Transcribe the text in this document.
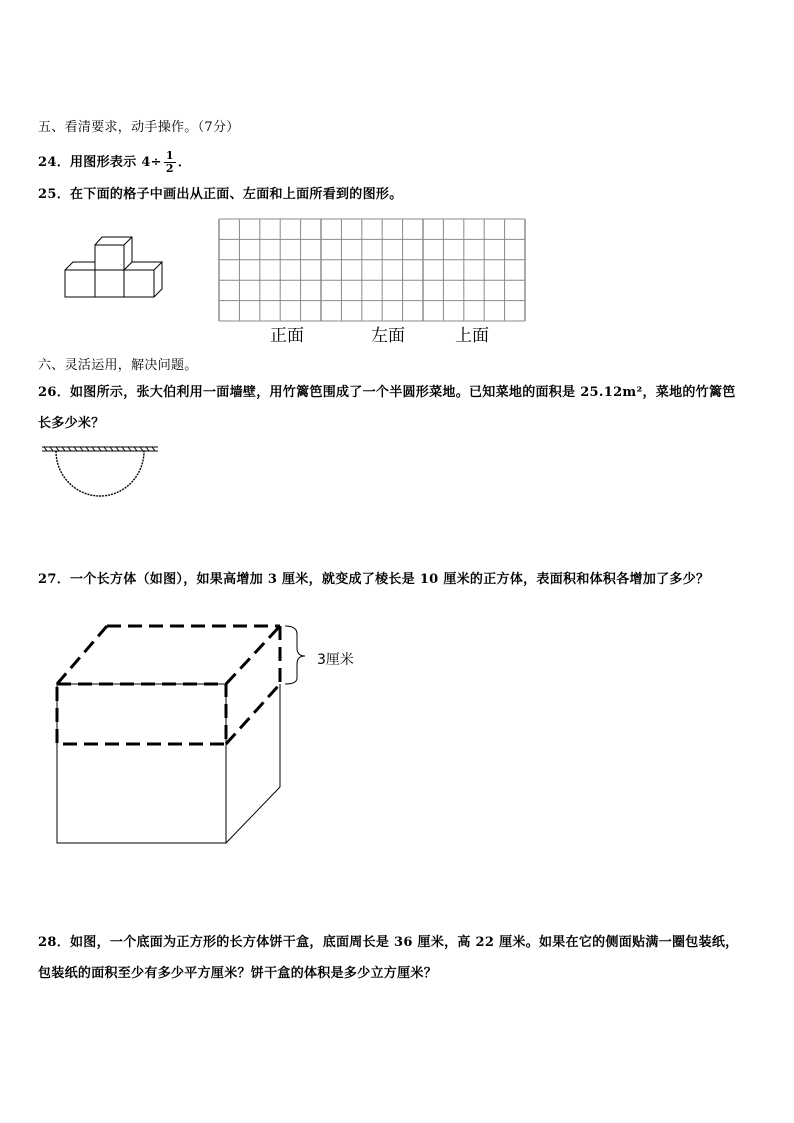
五、看清要求，动手操作。（7分）
24．用图形表示 $4\div \frac{1}{2}$ ．
25．在下面的格子中画出从正面、左面和上面所看到的图形。
正面	左面	上面
六、灵活运用，解决问题。
26．如图所示，张大伯利用一面墙壁，用竹篱笆围成了一个半圆形菜地。已知菜地的面积是 25.12m²，菜地的竹篱笆
长多少米？
27．一个长方体（如图），如果高增加 3 厘米，就变成了棱长是 10 厘米的正方体，表面积和体积各增加了多少？
3厘米
28．如图，一个底面为正方形的长方体饼干盒，底面周长是 36 厘米，高 22 厘米。如果在它的侧面贴满一圈包装纸，
包装纸的面积至少有多少平方厘米？饼干盒的体积是多少立方厘米？
